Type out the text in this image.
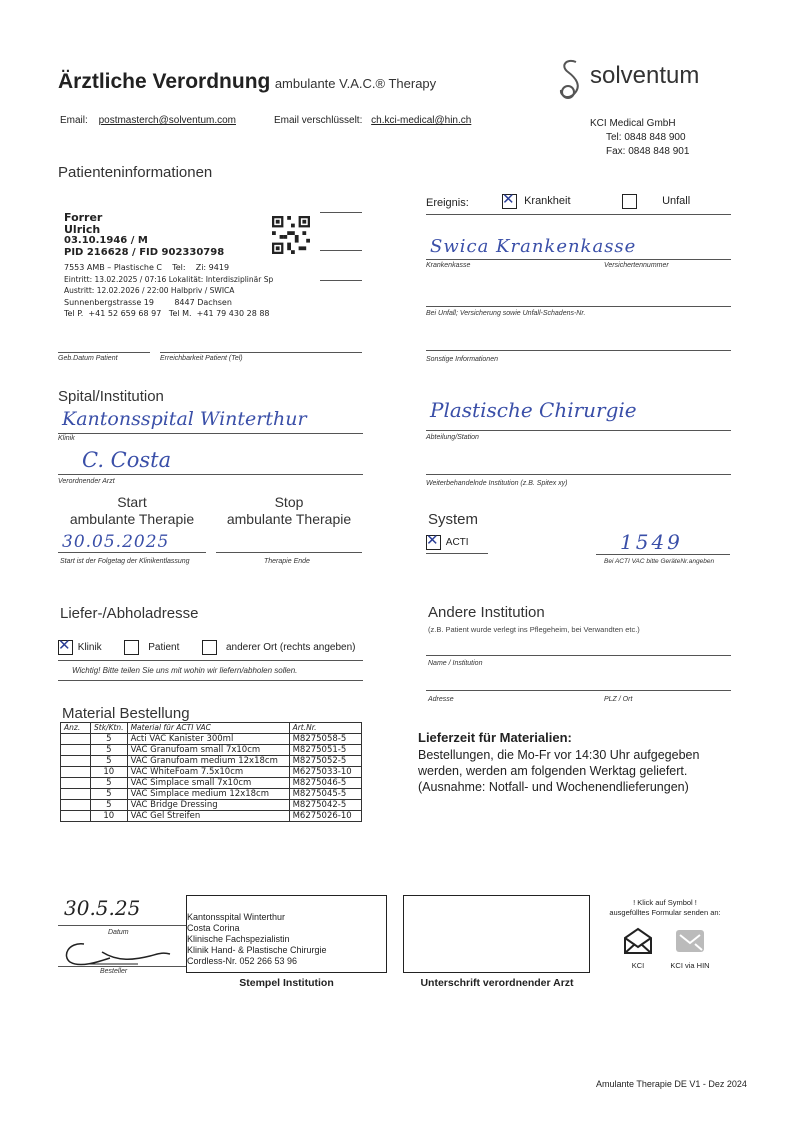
Ärztliche Verordnung ambulante V.A.C.® Therapy	solventum
Email: postmasterch@solventum.com	Email verschlüsselt: ch.kci-medical@hin.ch	KCI Medical GmbH
Tel: 0848 848 900
Fax: 0848 848 901
Patienteninformationen
Forrer
Ulrich
03.10.1946 / M
PID 216628 / FID 902330798
7553 AMB – Plastische C    Tel:    Zi: 9419
Eintritt: 13.02.2025 / 07:16 Lokalität: Interdisziplinär Sp
Austritt: 12.02.2026 / 22:00 Halbpriv / SWICA
Sunnenbergstrasse 19        8447 Dachsen
Tel P.  +41 52 659 68 97   Tel M.  +41 79 430 28 88
Geb.Datum Patient	Erreichbarkeit Patient (Tel)
Ereignis: ✕	Krankheit	Unfall
Swica Krankenkasse
Krankenkasse	Versichertennummer
Bei Unfall; Versicherung sowie Unfall-Schadens-Nr.
Sonstige Informationen
Spital/Institution
Kantonsspital Winterthur
Klinik
C. Costa
Verordnender Arzt
Plastische Chirurgie
Abteilung/Station
Weiterbehandelnde Institution (z.B. Spitex xy)
Start
ambulante Therapie
Stop
ambulante Therapie
30.05.2025
Start ist der Folgetag der Klinikentlassung	Therapie Ende
System
✕ ACTI	1549
Bei ACTI VAC bitte GeräteNr.angeben
Liefer-/Abholadresse
✕ Klinik	Patient	anderer Ort (rechts angeben)
Wichtig! Bitte teilen Sie uns mit wohin wir liefern/abholen sollen.
Andere Institution
(z.B. Patient wurde verlegt ins Pflegeheim, bei Verwandten etc.)
Name / Institution
Adresse	PLZ / Ort
Material Bestellung
Anz.	Stk/Ktn.	Material für ACTI VAC	Art.Nr.
	5	Acti VAC Kanister 300ml	M8275058-5
	5	VAC Granufoam small 7x10cm	M8275051-5
	5	VAC Granufoam medium 12x18cm	M8275052-5
	10	VAC WhiteFoam 7.5x10cm	M6275033-10
	5	VAC Simplace small 7x10cm	M8275046-5
	5	VAC Simplace medium 12x18cm	M8275045-5
	5	VAC Bridge Dressing	M8275042-5
	10	VAC Gel Streifen	M6275026-10
Lieferzeit für Materialien:
Bestellungen, die Mo-Fr vor 14:30 Uhr aufgegeben
werden, werden am folgenden Werktag geliefert.
(Ausnahme: Notfall- und Wochenendlieferungen)
30.5.25
Datum
Besteller
Kantonsspital Winterthur
Costa Corina
Klinische Fachspezialistin
Klinik Hand- & Plastische Chirurgie
Cordless-Nr. 052 266 53 96
Stempel Institution	Unterschrift verordnender Arzt
! Klick auf Symbol !
ausgefülltes Formular senden an:
KCI	KCI via HIN
Amulante Therapie DE V1 - Dez 2024
